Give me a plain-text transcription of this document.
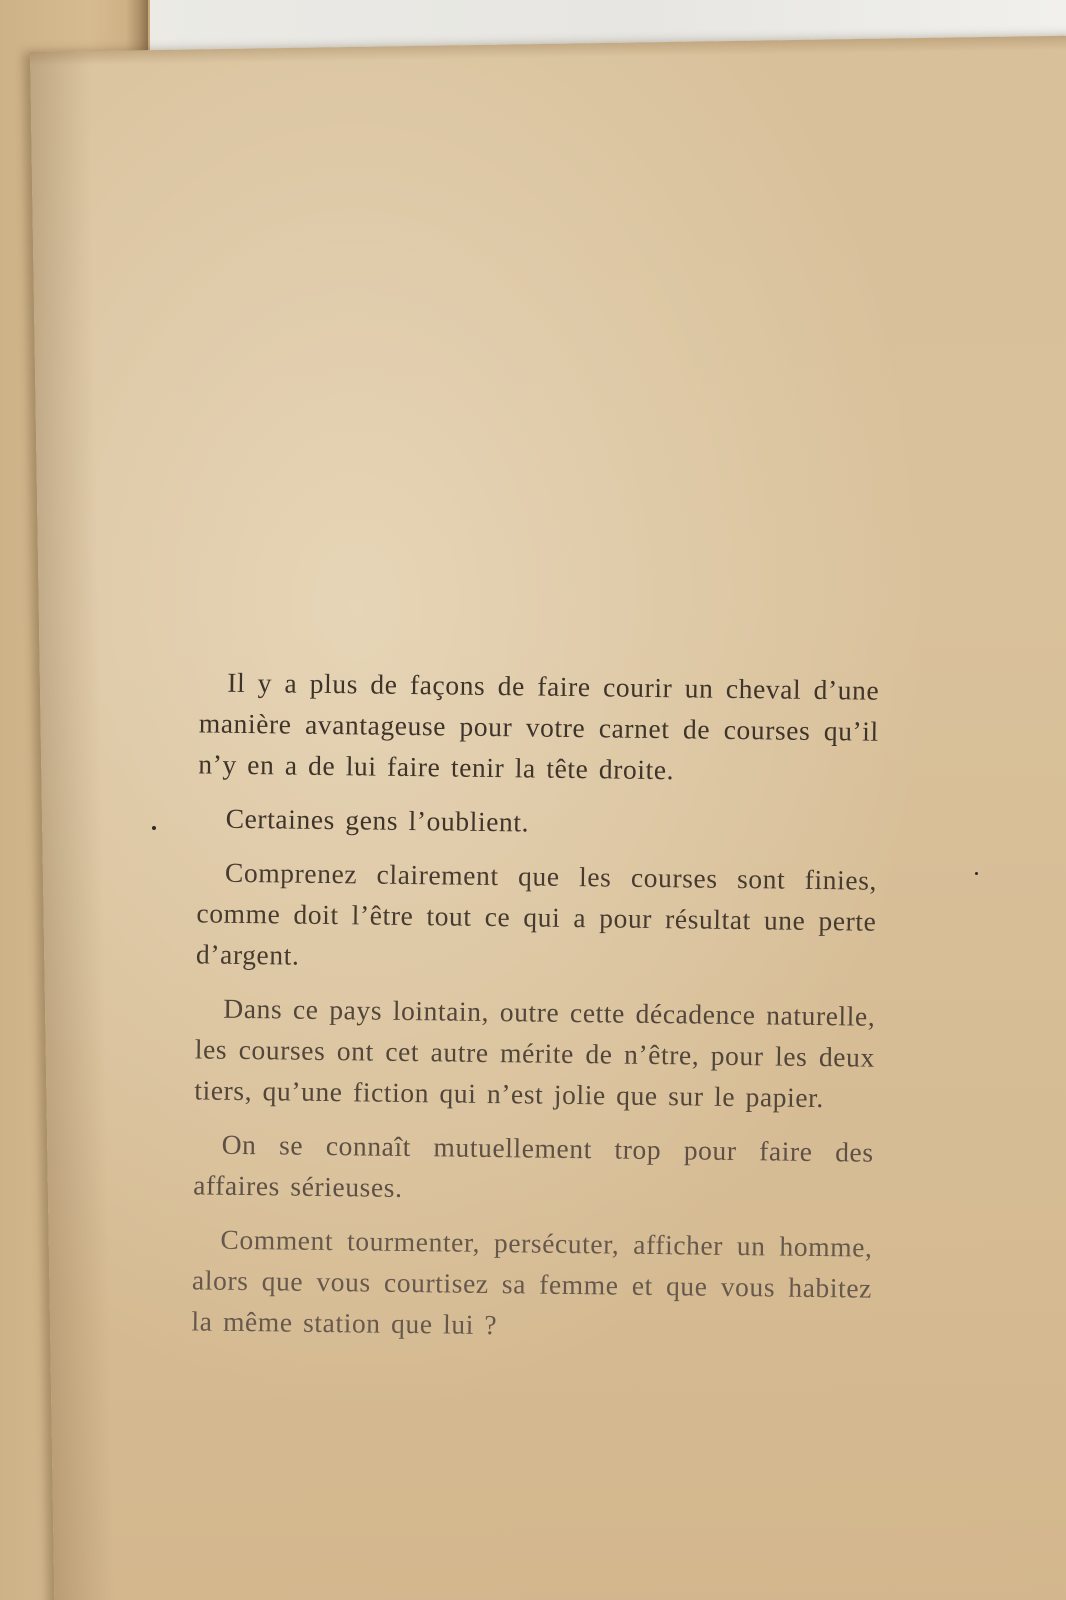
Il y a plus de façons de faire courir un cheval d’une manière avantageuse pour votre carnet de courses qu’il n’y en a de lui faire tenir la tête droite.

Certaines gens l’oublient.

Comprenez clairement que les courses sont finies, comme doit l’être tout ce qui a pour résultat une perte d’argent.

Dans ce pays lointain, outre cette décadence naturelle, les courses ont cet autre mérite de n’être, pour les deux tiers, qu’une fiction qui n’est jolie que sur le papier.

On se connaît mutuellement trop pour faire des affaires sérieuses.

Comment tourmenter, persécuter, afficher un homme, alors que vous courtisez sa femme et que vous habitez la même station que lui ?
